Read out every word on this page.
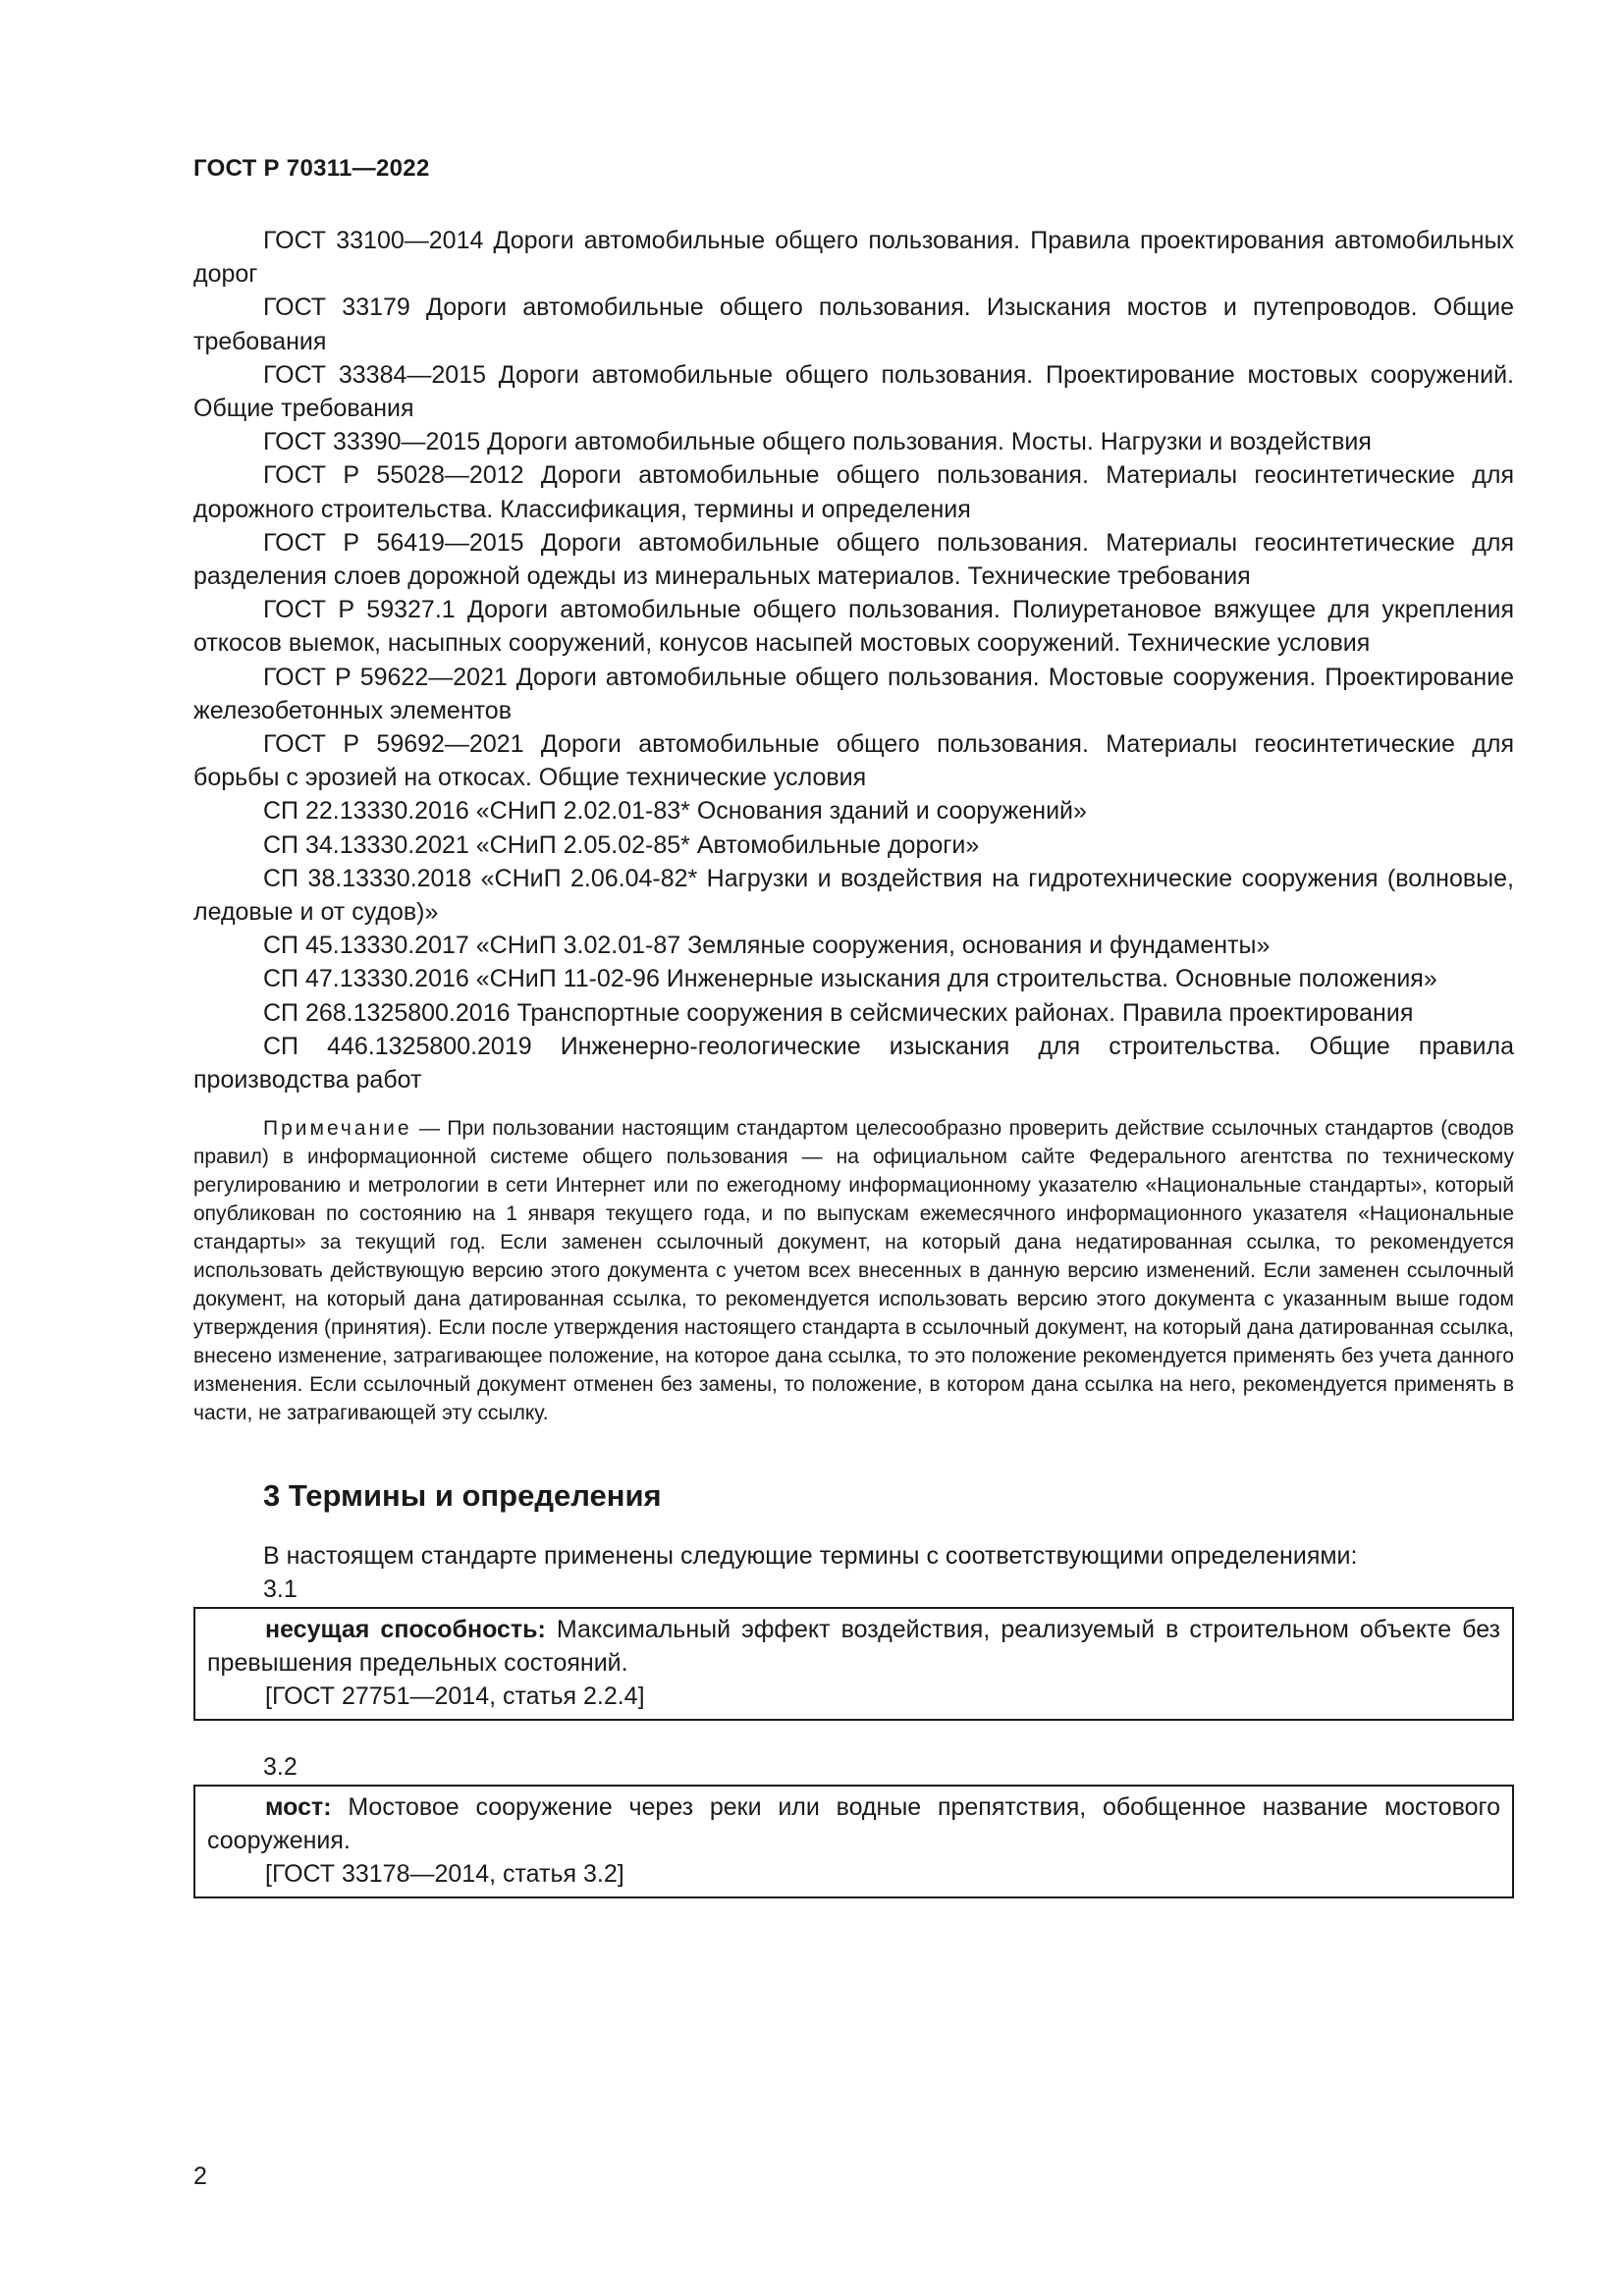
ГОСТ Р 70311—2022

ГОСТ 33100—2014 Дороги автомобильные общего пользования. Правила проектирования автомобильных дорог

ГОСТ 33179 Дороги автомобильные общего пользования. Изыскания мостов и путепроводов. Общие требования

ГОСТ 33384—2015 Дороги автомобильные общего пользования. Проектирование мостовых сооружений. Общие требования

ГОСТ 33390—2015 Дороги автомобильные общего пользования. Мосты. Нагрузки и воздействия

ГОСТ Р 55028—2012 Дороги автомобильные общего пользования. Материалы геосинтетические для дорожного строительства. Классификация, термины и определения

ГОСТ Р 56419—2015 Дороги автомобильные общего пользования. Материалы геосинтетические для разделения слоев дорожной одежды из минеральных материалов. Технические требования

ГОСТ Р 59327.1 Дороги автомобильные общего пользования. Полиуретановое вяжущее для укрепления откосов выемок, насыпных сооружений, конусов насыпей мостовых сооружений. Технические условия

ГОСТ Р 59622—2021 Дороги автомобильные общего пользования. Мостовые сооружения. Проектирование железобетонных элементов

ГОСТ Р 59692—2021 Дороги автомобильные общего пользования. Материалы геосинтетические для борьбы с эрозией на откосах. Общие технические условия

СП 22.13330.2016 «СНиП 2.02.01-83* Основания зданий и сооружений»

СП 34.13330.2021 «СНиП 2.05.02-85* Автомобильные дороги»

СП 38.13330.2018 «СНиП 2.06.04-82* Нагрузки и воздействия на гидротехнические сооружения (волновые, ледовые и от судов)»

СП 45.13330.2017 «СНиП 3.02.01-87 Земляные сооружения, основания и фундаменты»

СП 47.13330.2016 «СНиП 11-02-96 Инженерные изыскания для строительства. Основные положения»

СП 268.1325800.2016 Транспортные сооружения в сейсмических районах. Правила проектирования

СП 446.1325800.2019 Инженерно-геологические изыскания для строительства. Общие правила производства работ

Примечание — При пользовании настоящим стандартом целесообразно проверить действие ссылочных стандартов (сводов правил) в информационной системе общего пользования — на официальном сайте Федерального агентства по техническому регулированию и метрологии в сети Интернет или по ежегодному информационному указателю «Национальные стандарты», который опубликован по состоянию на 1 января текущего года, и по выпускам ежемесячного информационного указателя «Национальные стандарты» за текущий год. Если заменен ссылочный документ, на который дана недатированная ссылка, то рекомендуется использовать действующую версию этого документа с учетом всех внесенных в данную версию изменений. Если заменен ссылочный документ, на который дана датированная ссылка, то рекомендуется использовать версию этого документа с указанным выше годом утверждения (принятия). Если после утверждения настоящего стандарта в ссылочный документ, на который дана датированная ссылка, внесено изменение, затрагивающее положение, на которое дана ссылка, то это положение рекомендуется применять без учета данного изменения. Если ссылочный документ отменен без замены, то положение, в котором дана ссылка на него, рекомендуется применять в части, не затрагивающей эту ссылку.
3 Термины и определения

В настоящем стандарте применены следующие термины с соответствующими определениями:

3.1

несущая способность: Максимальный эффект воздействия, реализуемый в строительном объекте без превышения предельных состояний.

[ГОСТ 27751—2014, статья 2.2.4]

3.2

мост: Мостовое сооружение через реки или водные препятствия, обобщенное название мостового сооружения.

[ГОСТ 33178—2014, статья 3.2]

2
